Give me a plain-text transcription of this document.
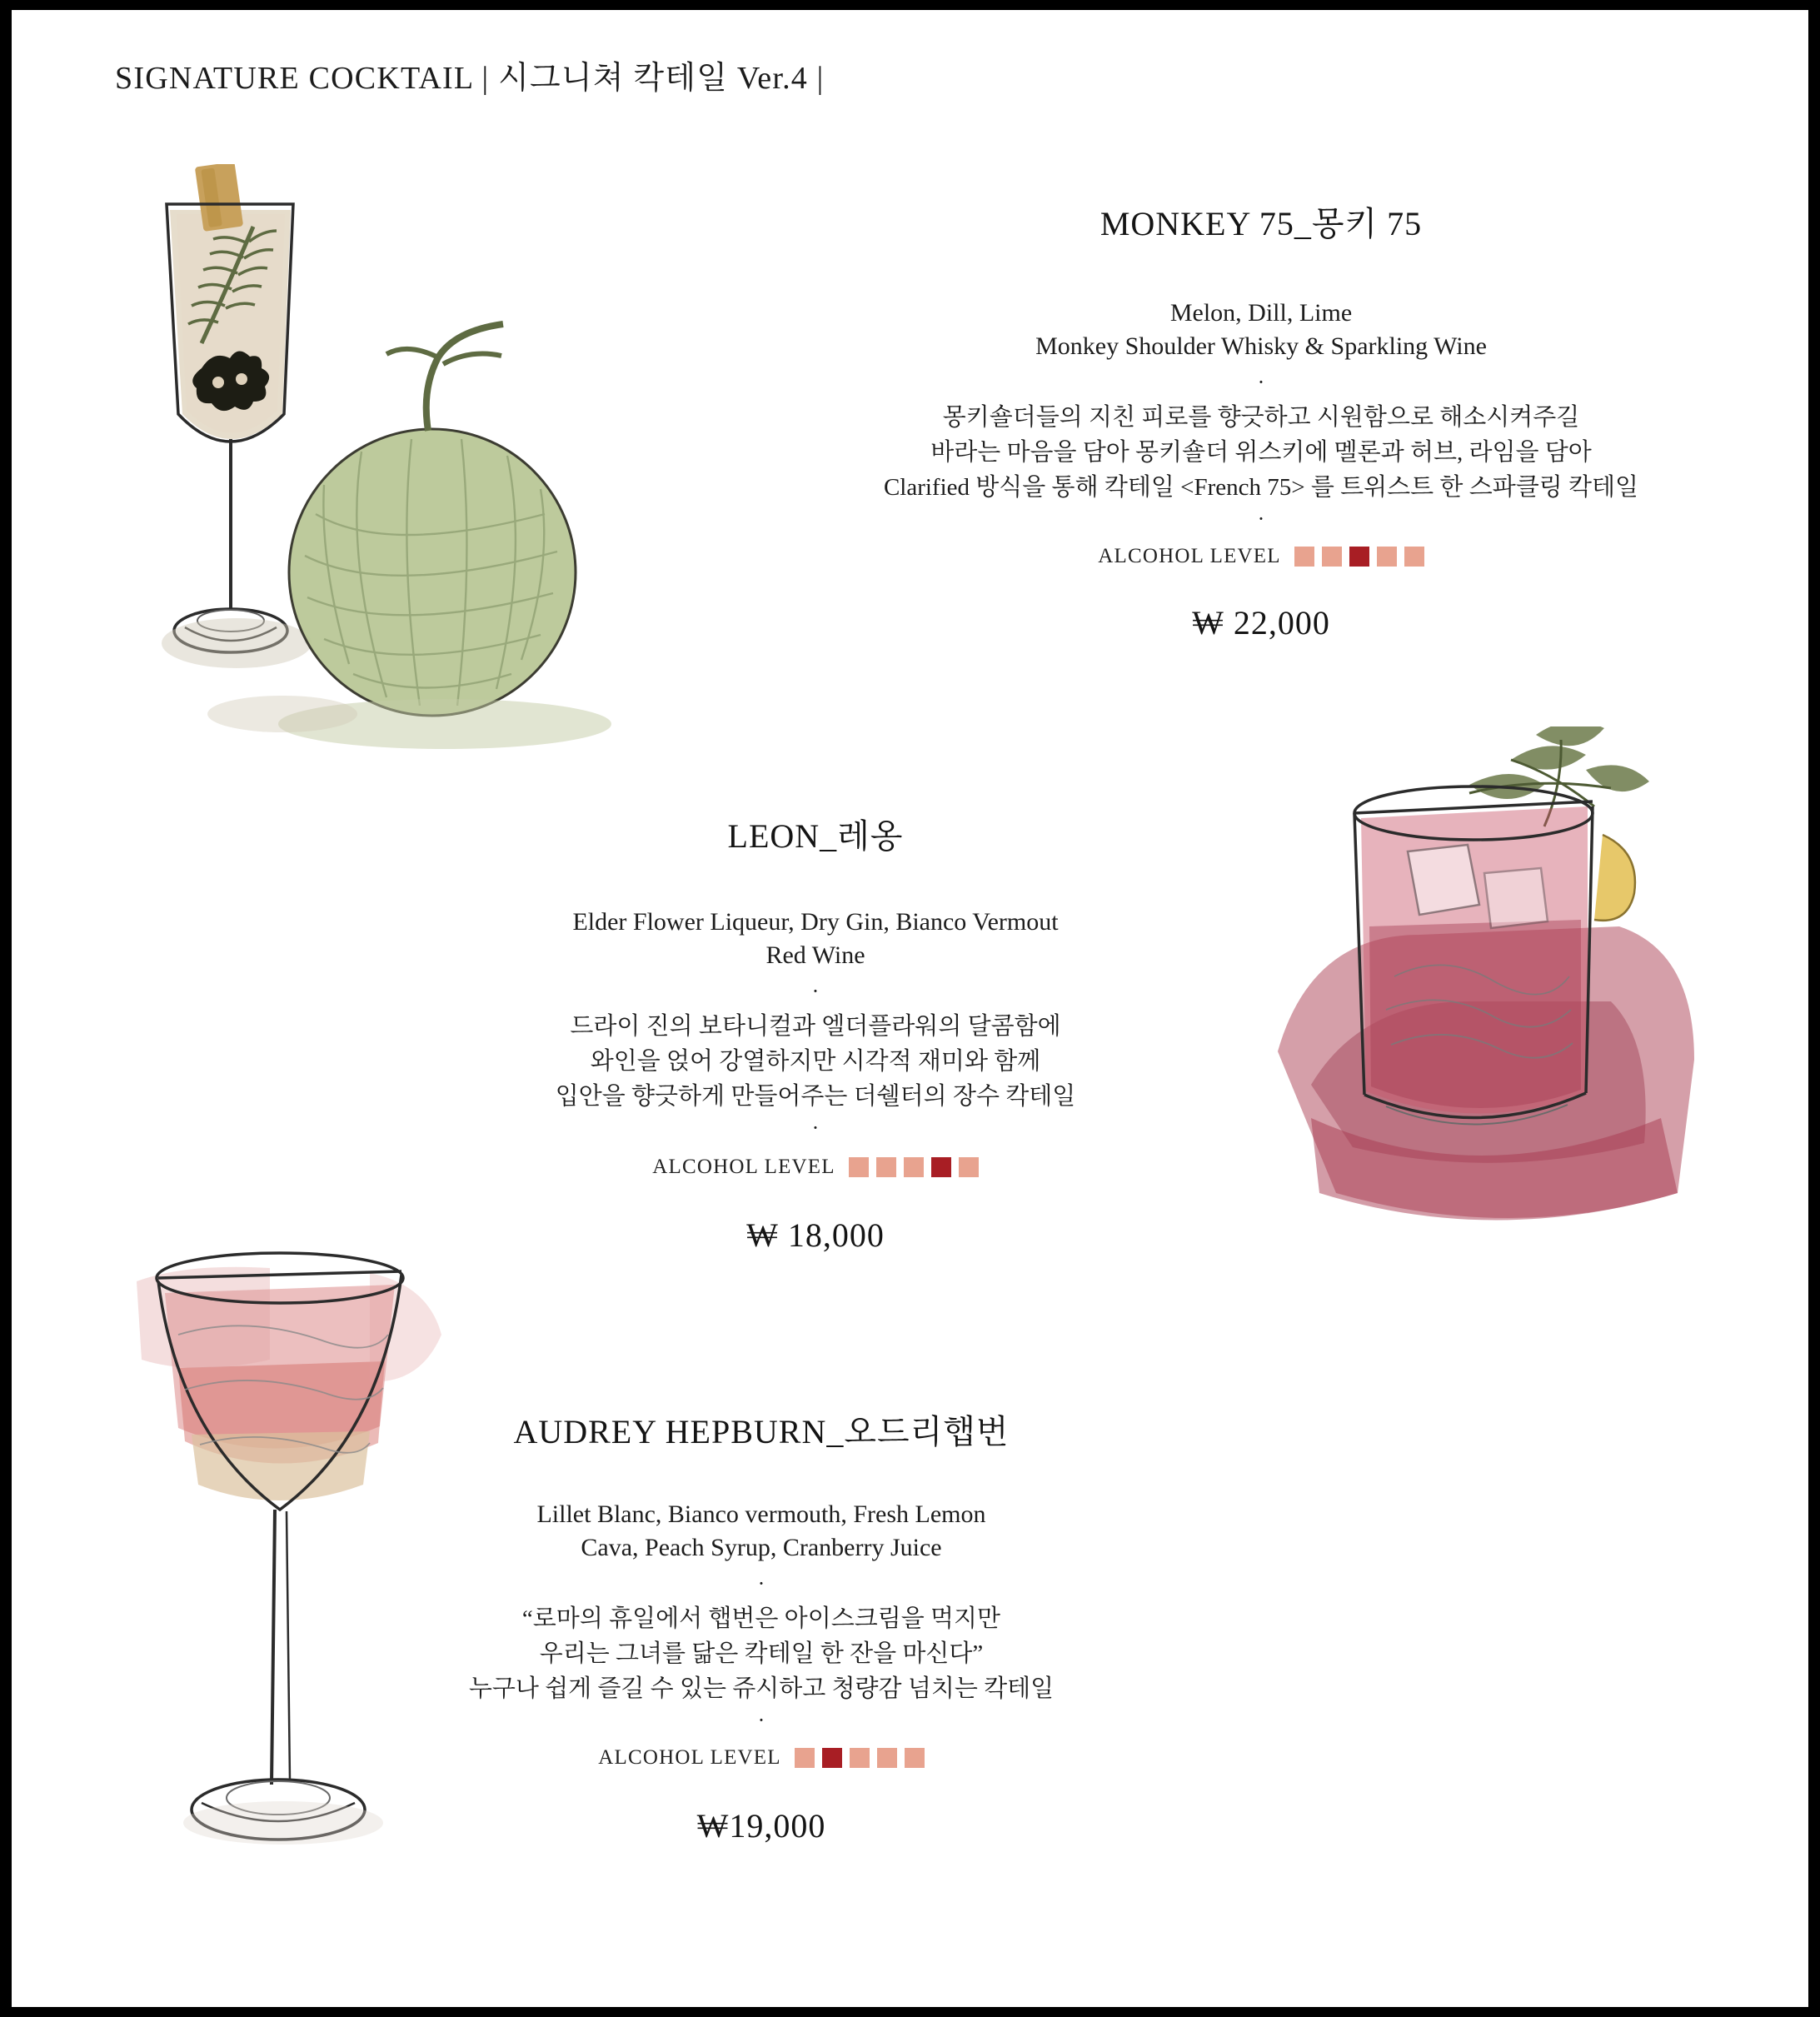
SIGNATURE COCKTAIL | 시그니쳐 칵테일 Ver.4 |
MONKEY 75_몽키 75
Melon, Dill, Lime
Monkey Shoulder Whisky & Sparkling Wine
·
몽키숄더들의 지친 피로를 향긋하고 시원함으로 해소시켜주길
바라는 마음을 담아 몽키숄더 위스키에 멜론과 허브, 라임을 담아
Clarified 방식을 통해 칵테일 <French 75> 를 트위스트 한 스파클링 칵테일
·
ALCOHOL LEVEL
₩ 22,000
LEON_레옹
Elder Flower Liqueur, Dry Gin, Bianco Vermout
Red Wine
·
드라이 진의 보타니컬과 엘더플라워의 달콤함에
와인을 얹어 강열하지만 시각적 재미와 함께
입안을 향긋하게 만들어주는 더쉘터의 장수 칵테일
·
ALCOHOL LEVEL
₩ 18,000
AUDREY HEPBURN_오드리햅번
Lillet Blanc, Bianco vermouth, Fresh Lemon
Cava, Peach Syrup, Cranberry Juice
·
“로마의 휴일에서 햅번은 아이스크림을 먹지만
우리는 그녀를 닮은 칵테일 한 잔을 마신다”
누구나 쉽게 즐길 수 있는 쥬시하고 청량감 넘치는 칵테일
·
ALCOHOL LEVEL
₩19,000
